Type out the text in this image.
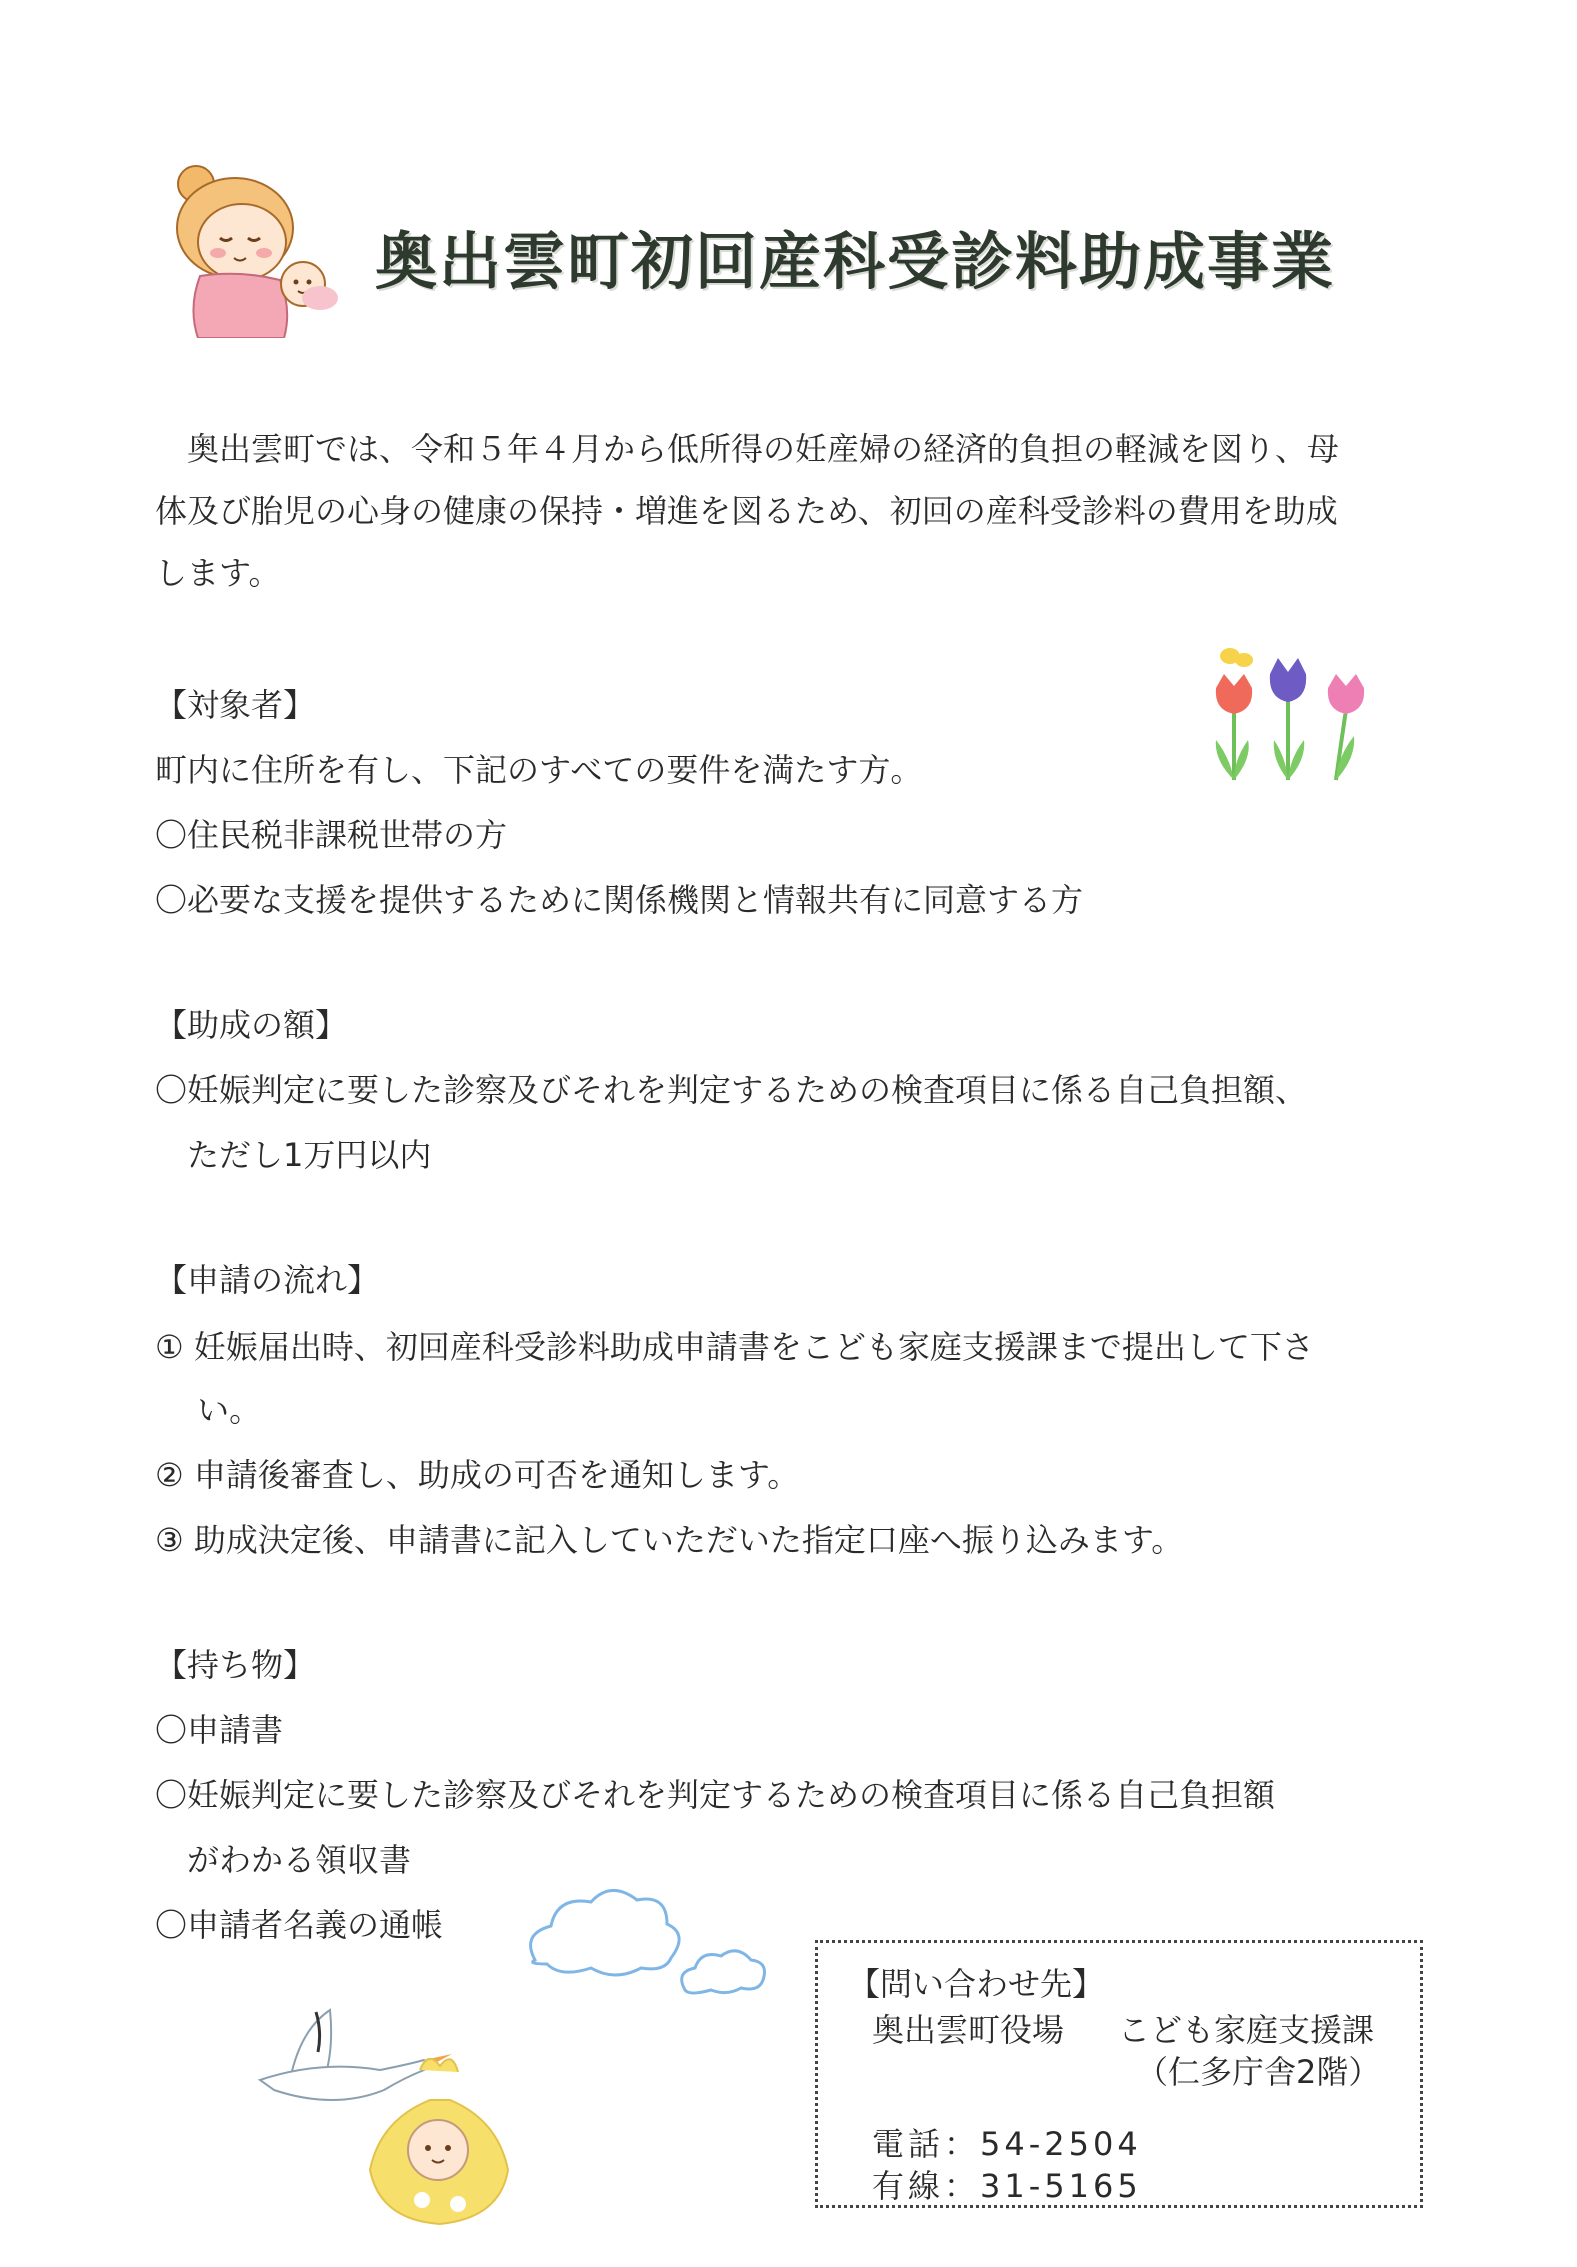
奥出雲町初回産科受診料助成事業
　奥出雲町では、令和５年４月から低所得の妊産婦の経済的負担の軽減を図り、母
体及び胎児の心身の健康の保持・増進を図るため、初回の産科受診料の費用を助成
します。
【対象者】
町内に住所を有し、下記のすべての要件を満たす方。
〇住民税非課税世帯の方
〇必要な支援を提供するために関係機関と情報共有に同意する方
【助成の額】
〇妊娠判定に要した診察及びそれを判定するための検査項目に係る自己負担額、
　ただし1万円以内
【申請の流れ】
① 妊娠届出時、初回産科受診料助成申請書をこども家庭支援課まで提出して下さ
　 い。
② 申請後審査し、助成の可否を通知します。
③ 助成決定後、申請書に記入していただいた指定口座へ振り込みます。
【持ち物】
〇申請書
〇妊娠判定に要した診察及びそれを判定するための検査項目に係る自己負担額
　がわかる領収書
〇申請者名義の通帳
【問い合わせ先】
奥出雲町役場 こども家庭支援課
（仁多庁舎2階）
電話：54-2504
有線：31-5165
